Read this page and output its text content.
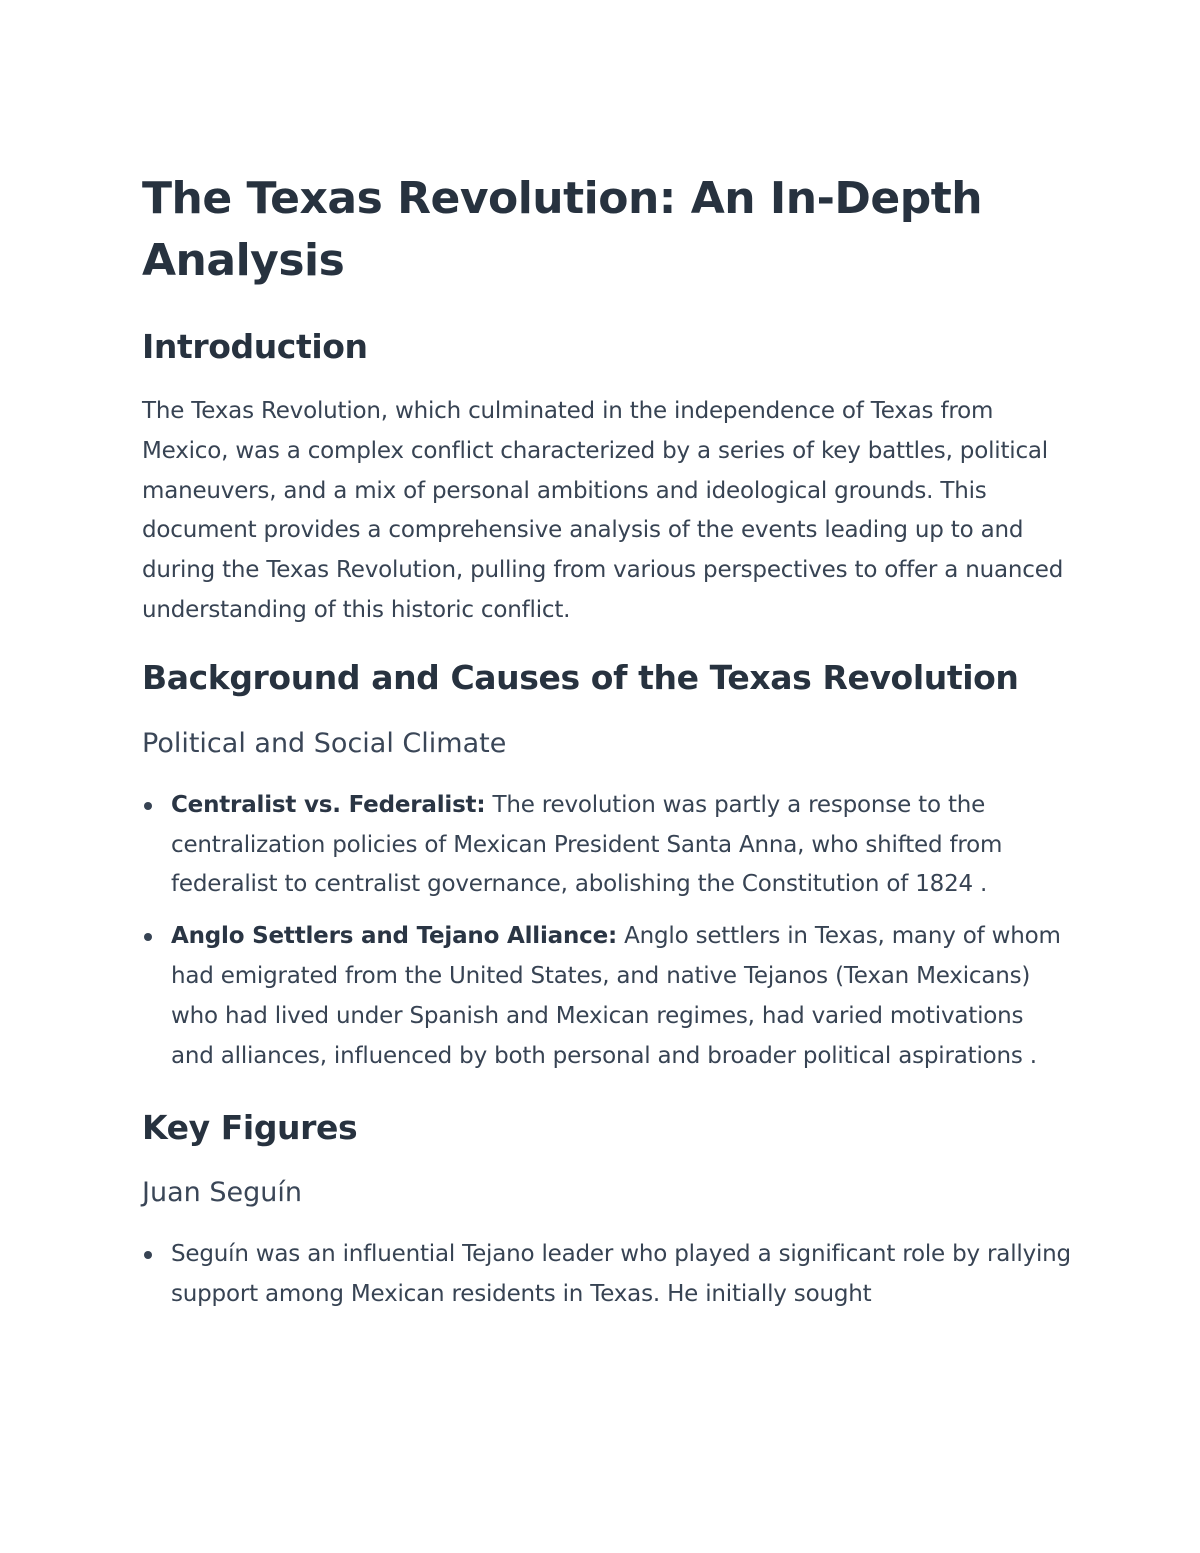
The Texas Revolution: An In-Depth Analysis
Introduction

The Texas Revolution, which culminated in the independence of Texas from Mexico, was a complex conflict characterized by a series of key battles, political maneuvers, and a mix of personal ambitions and ideological grounds. This document provides a comprehensive analysis of the events leading up to and during the Texas Revolution, pulling from various perspectives to offer a nuanced understanding of this historic conflict.

Background and Causes of the Texas Revolution
Political and Social Climate
Centralist vs. Federalist: The revolution was partly a response to the centralization policies of Mexican President Santa Anna, who shifted from federalist to centralist governance, abolishing the Constitution of 1824 .
Anglo Settlers and Tejano Alliance: Anglo settlers in Texas, many of whom had emigrated from the United States, and native Tejanos (Texan Mexicans) who had lived under Spanish and Mexican regimes, had varied motivations and alliances, influenced by both personal and broader political aspirations .
Key Figures
Juan Seguín
Seguín was an influential Tejano leader who played a significant role by rallying support among Mexican residents in Texas. He initially sought
